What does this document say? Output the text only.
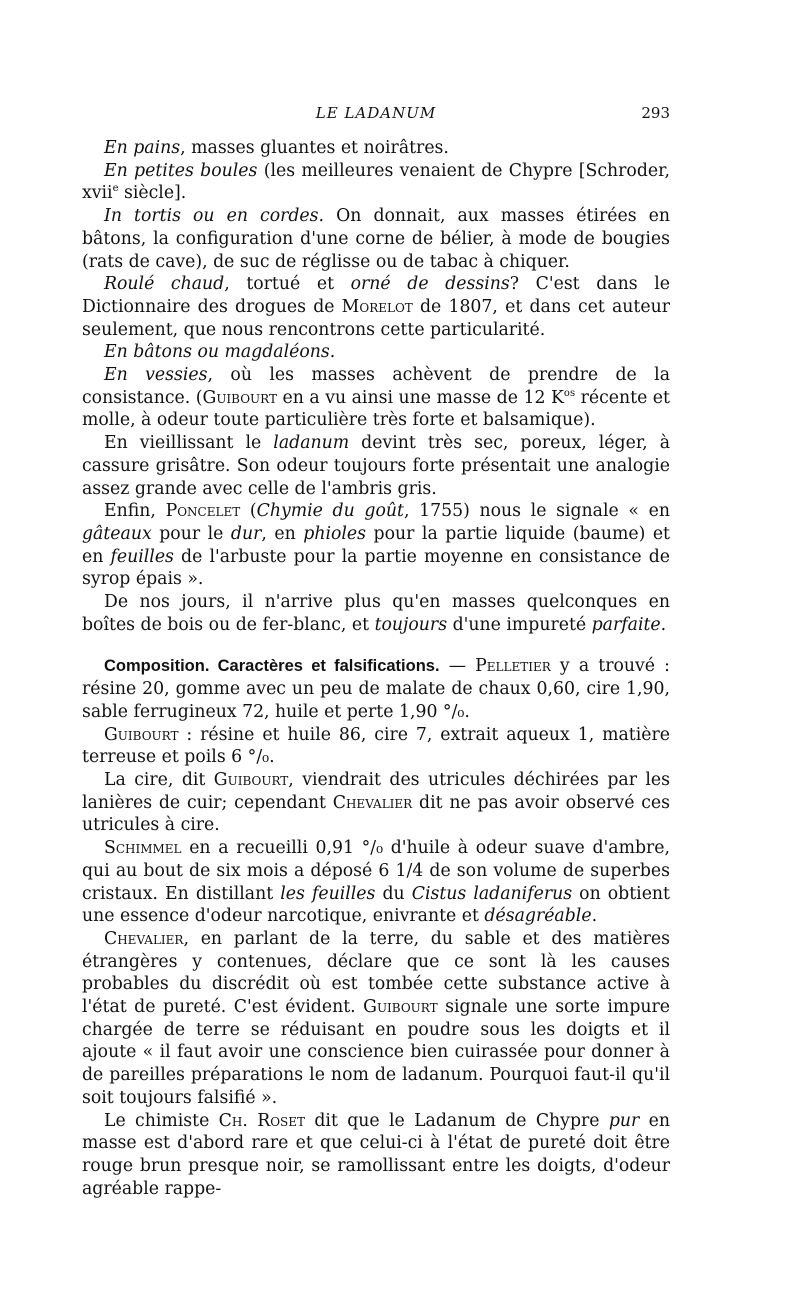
LE LADANUM	293

En pains, masses gluantes et noirâtres.

En petites boules (les meilleures venaient de Chypre [Schroder, xvii$^e$ siècle].

In tortis ou en cordes. On donnait, aux masses étirées en bâtons, la configuration d'une corne de bélier, à mode de bougies (rats de cave), de suc de réglisse ou de tabac à chiquer.

Roulé chaud, tortué et orné de dessins? C'est dans le Dictionnaire des drogues de Morelot de 1807, et dans cet auteur seulement, que nous rencontrons cette particularité.

En bâtons ou magdaléons.

En vessies, où les masses achèvent de prendre de la consistance. (Guibourt en a vu ainsi une masse de 12 $K^{os}$ récente et molle, à odeur toute particulière très forte et balsamique).

En vieillissant le ladanum devint très sec, poreux, léger, à cassure grisâtre. Son odeur toujours forte présentait une analogie assez grande avec celle de l'ambris gris.

Enfin, Poncelet (Chymie du goût, 1755) nous le signale « en gâteaux pour le dur, en phioles pour la partie liquide (baume) et en feuilles de l'arbuste pour la partie moyenne en consistance de syrop épais ».

De nos jours, il n'arrive plus qu'en masses quelconques en boîtes de bois ou de fer-blanc, et toujours d'une impureté parfaite.

Composition. Caractères et falsifications. — Pelletier y a trouvé : résine 20, gomme avec un peu de malate de chaux 0,60, cire 1,90, sable ferrugineux 72, huile et perte 1,90 °/₀.

Guibourt : résine et huile 86, cire 7, extrait aqueux 1, matière terreuse et poils 6 °/₀.

La cire, dit Guibourt, viendrait des utricules déchirées par les lanières de cuir; cependant Chevalier dit ne pas avoir observé ces utricules à cire.

Schimmel en a recueilli 0,91 °/₀ d'huile à odeur suave d'ambre, qui au bout de six mois a déposé 6 1/4 de son volume de superbes cristaux. En distillant les feuilles du Cistus ladaniferus on obtient une essence d'odeur narcotique, enivrante et désagréable.

Chevalier, en parlant de la terre, du sable et des matières étrangères y contenues, déclare que ce sont là les causes probables du discrédit où est tombée cette substance active à l'état de pureté. C'est évident. Guibourt signale une sorte impure chargée de terre se réduisant en poudre sous les doigts et il ajoute « il faut avoir une conscience bien cuirassée pour donner à de pareilles préparations le nom de ladanum. Pourquoi faut-il qu'il soit toujours falsifié ».

Le chimiste Ch. Roset dit que le Ladanum de Chypre pur en masse est d'abord rare et que celui-ci à l'état de pureté doit être rouge brun presque noir, se ramollissant entre les doigts, d'odeur agréable rappe-
